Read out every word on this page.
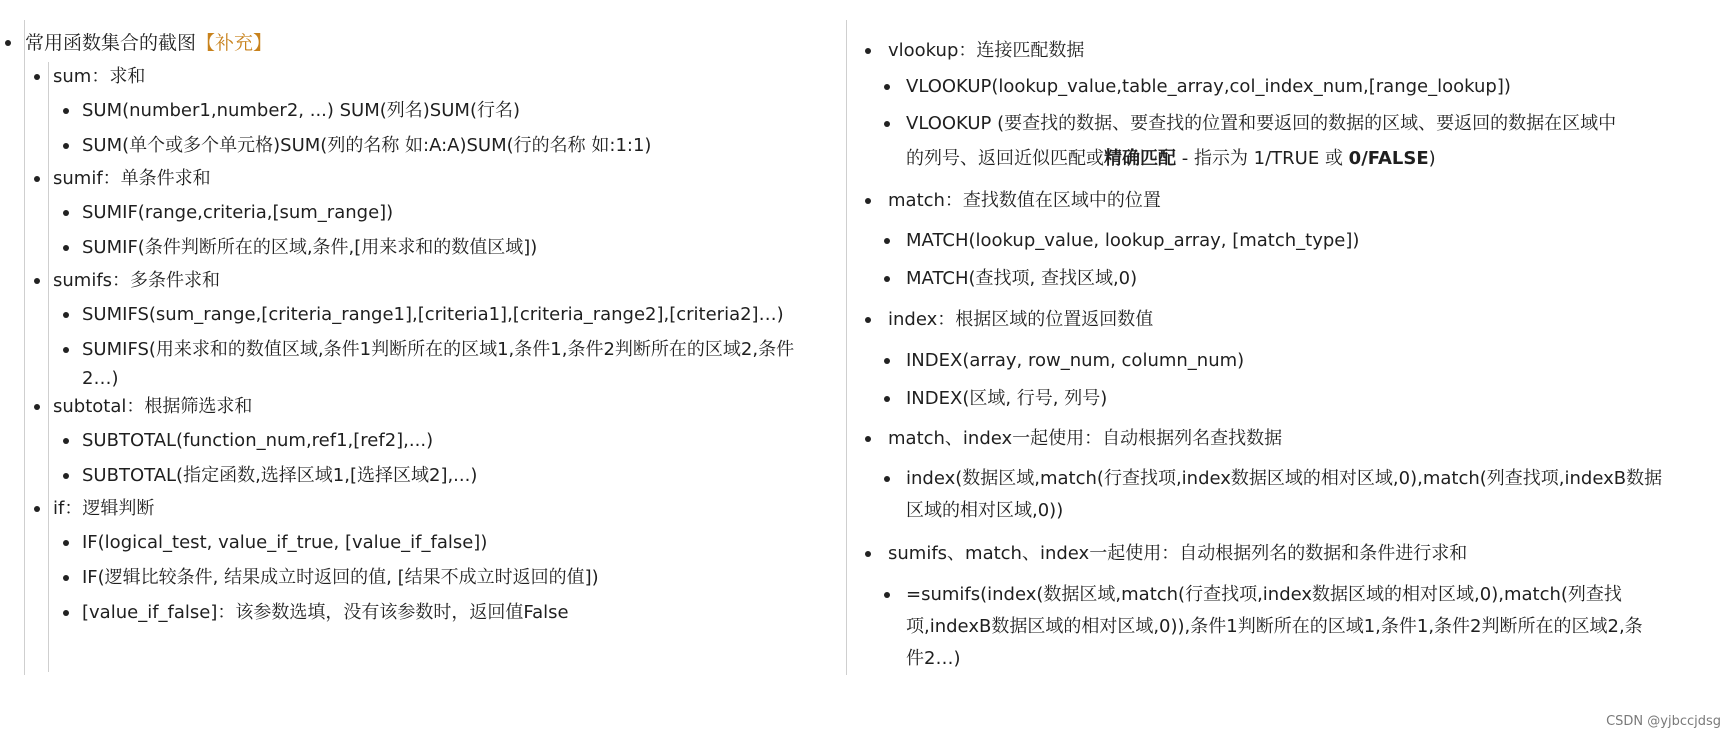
常用函数集合的截图【补充】
sum：求和
SUM(number1,number2, ...) SUM(列名)SUM(行名)
SUM(单个或多个单元格)SUM(列的名称 如:A:A)SUM(行的名称 如:1:1)
sumif：单条件求和
SUMIF(range,criteria,[sum_range])
SUMIF(条件判断所在的区域,条件,[用来求和的数值区域])
sumifs：多条件求和
SUMIFS(sum_range,[criteria_range1],[criteria1],[criteria_range2],[criteria2]…)
SUMIFS(用来求和的数值区域,条件1判断所在的区域1,条件1,条件2判断所在的区域2,条件
2…)
subtotal：根据筛选求和
SUBTOTAL(function_num,ref1,[ref2],...)
SUBTOTAL(指定函数,选择区域1,[选择区域2],...)
if：逻辑判断
IF(logical_test, value_if_true, [value_if_false])
IF(逻辑比较条件, 结果成立时返回的值, [结果不成立时返回的值])
[value_if_false]：该参数选填，没有该参数时，返回值False
vlookup：连接匹配数据
VLOOKUP(lookup_value,table_array,col_index_num,[range_lookup])
VLOOKUP (要查找的数据、要查找的位置和要返回的数据的区域、要返回的数据在区域中
的列号、返回近似匹配或精确匹配 - 指示为 1/TRUE 或 0/FALSE)
match：查找数值在区域中的位置
MATCH(lookup_value, lookup_array, [match_type])
MATCH(查找项, 查找区域,0)
index：根据区域的位置返回数值
INDEX(array, row_num, column_num)
INDEX(区域, 行号, 列号)
match、index一起使用：自动根据列名查找数据
index(数据区域,match(行查找项,index数据区域的相对区域,0),match(列查找项,indexB数据
区域的相对区域,0))
sumifs、match、index一起使用：自动根据列名的数据和条件进行求和
=sumifs(index(数据区域,match(行查找项,index数据区域的相对区域,0),match(列查找
项,indexB数据区域的相对区域,0)),条件1判断所在的区域1,条件1,条件2判断所在的区域2,条
件2…)
CSDN @yjbccjdsg
